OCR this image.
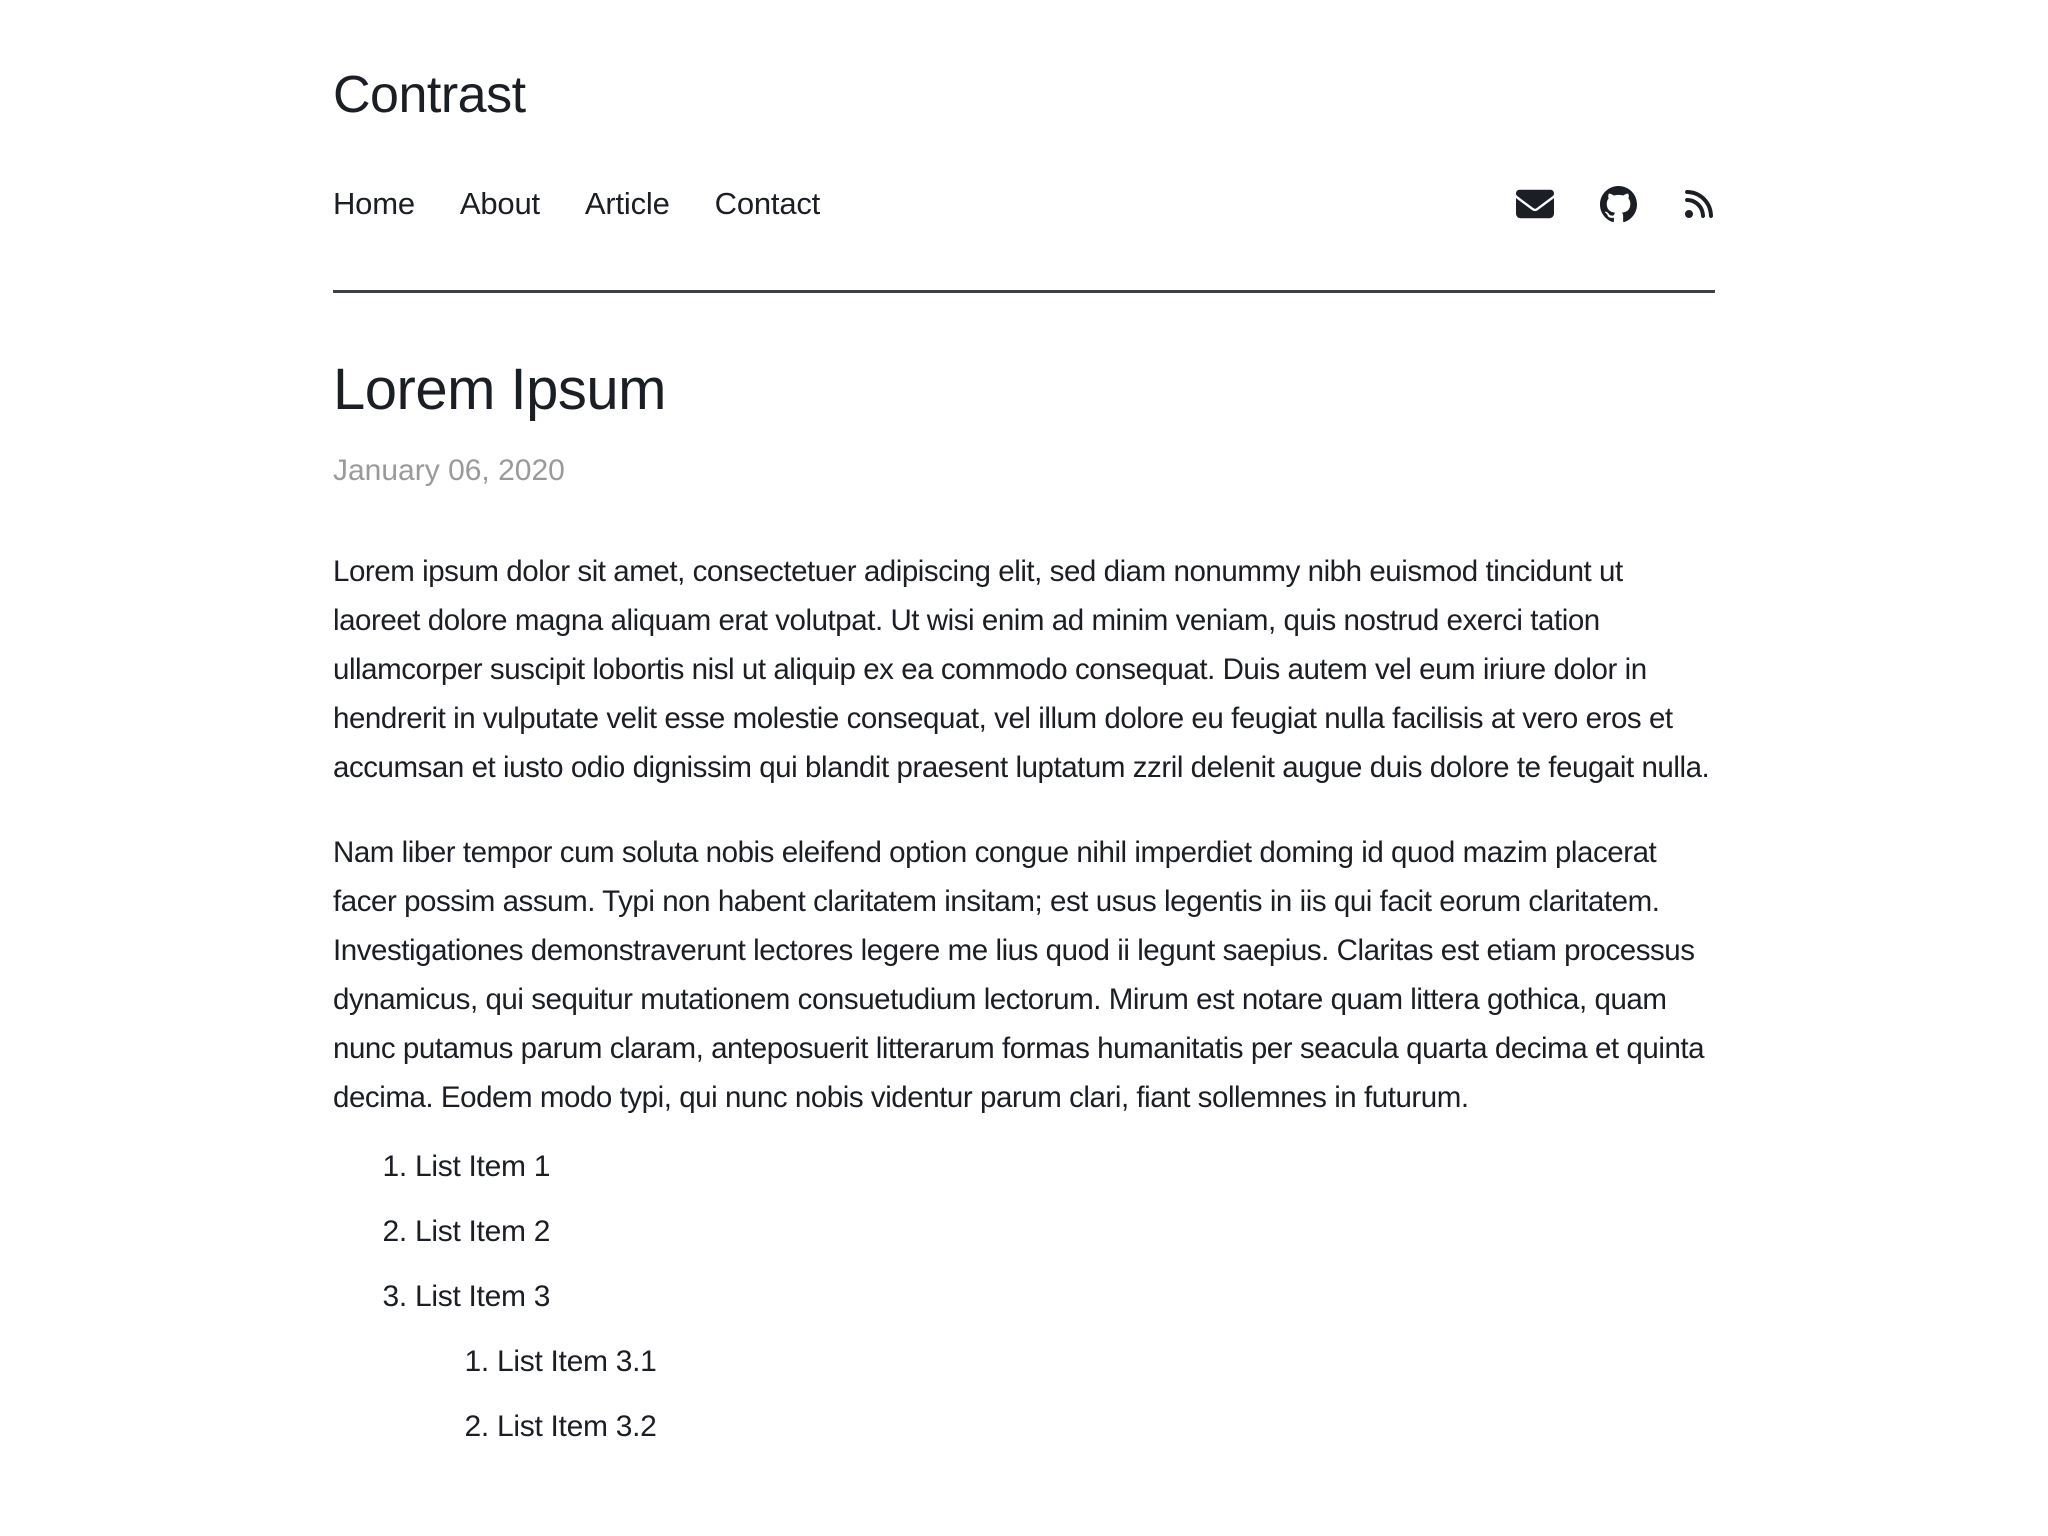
Contrast
Home About Article Contact
Lorem Ipsum
January 06, 2020

Lorem ipsum dolor sit amet, consectetuer adipiscing elit, sed diam nonummy nibh euismod tincidunt ut laoreet dolore magna aliquam erat volutpat. Ut wisi enim ad minim veniam, quis nostrud exerci tation ullamcorper suscipit lobortis nisl ut aliquip ex ea commodo consequat. Duis autem vel eum iriure dolor in hendrerit in vulputate velit esse molestie consequat, vel illum dolore eu feugiat nulla facilisis at vero eros et accumsan et iusto odio dignissim qui blandit praesent luptatum zzril delenit augue duis dolore te feugait nulla.

Nam liber tempor cum soluta nobis eleifend option congue nihil imperdiet doming id quod mazim placerat facer possim assum. Typi non habent claritatem insitam; est usus legentis in iis qui facit eorum claritatem. Investigationes demonstraverunt lectores legere me lius quod ii legunt saepius. Claritas est etiam processus dynamicus, qui sequitur mutationem consuetudium lectorum. Mirum est notare quam littera gothica, quam nunc putamus parum claram, anteposuerit litterarum formas humanitatis per seacula quarta decima et quinta decima. Eodem modo typi, qui nunc nobis videntur parum clari, fiant sollemnes in futurum.

1. List Item 1
2. List Item 2
3. List Item 3
1. List Item 3.1
2. List Item 3.2
